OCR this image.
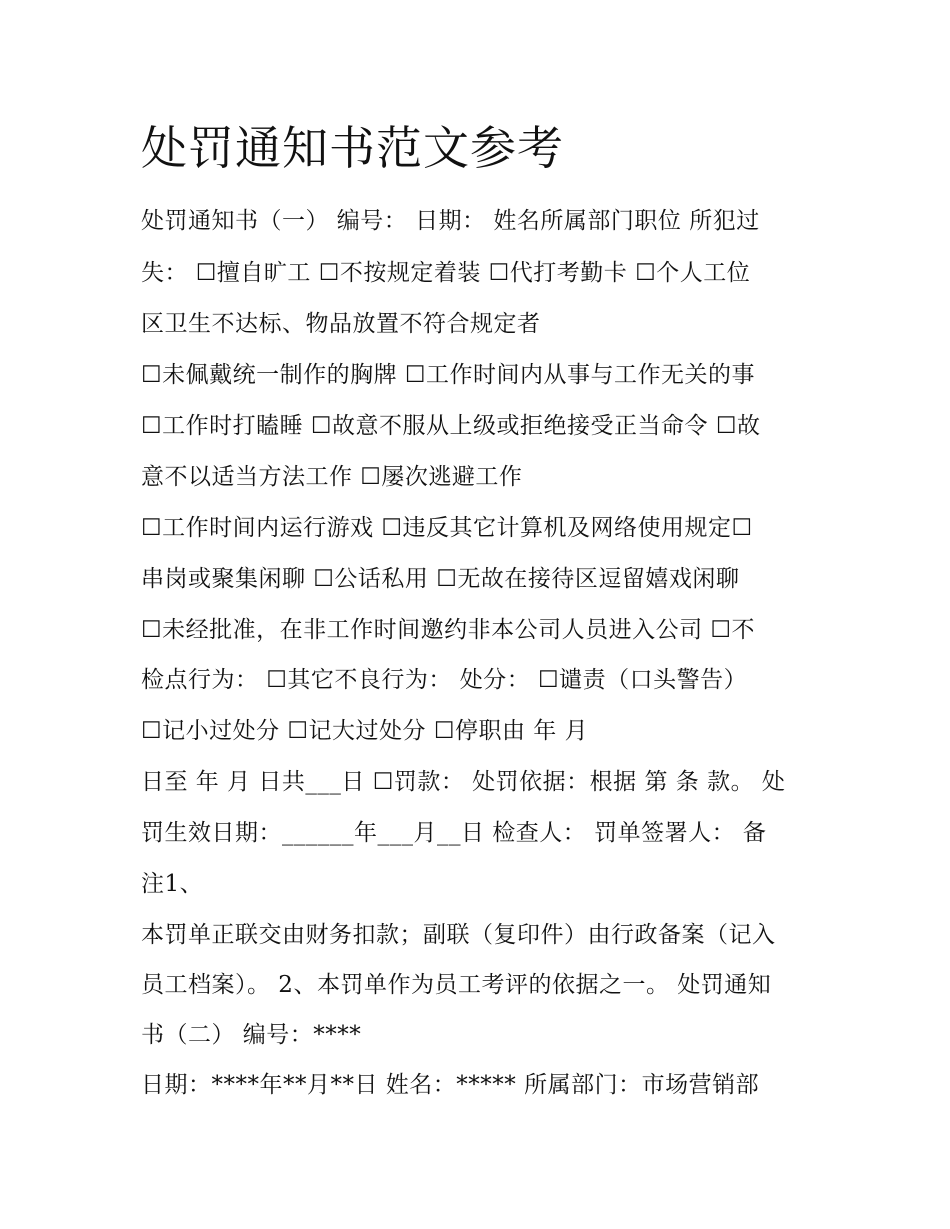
处罚通知书范文参考
处罚通知书（一） 编号： 日期： 姓名所属部门职位 所犯过
失： ☐擅自旷工 ☐不按规定着装 ☐代打考勤卡 ☐个人工位
区卫生不达标、物品放置不符合规定者
☐未佩戴统一制作的胸牌 ☐工作时间内从事与工作无关的事
☐工作时打瞌睡 ☐故意不服从上级或拒绝接受正当命令 ☐故
意不以适当方法工作 ☐屡次逃避工作
☐工作时间内运行游戏 ☐违反其它计算机及网络使用规定☐
串岗或聚集闲聊 ☐公话私用 ☐无故在接待区逗留嬉戏闲聊
☐未经批准，在非工作时间邀约非本公司人员进入公司 ☐不
检点行为： ☐其它不良行为： 处分： ☐谴责（口头警告）
☐记小过处分 ☐记大过处分 ☐停职由 年 月
日至 年 月 日共___日 ☐罚款： 处罚依据：根据 第 条 款。 处
罚生效日期：______年___月__日 检查人： 罚单签署人： 备
注1、
本罚单正联交由财务扣款；副联（复印件）由行政备案（记入
员工档案）。 2、本罚单作为员工考评的依据之一。 处罚通知
书（二） 编号：****
日期：****年**月**日 姓名：***** 所属部门：市场营销部
